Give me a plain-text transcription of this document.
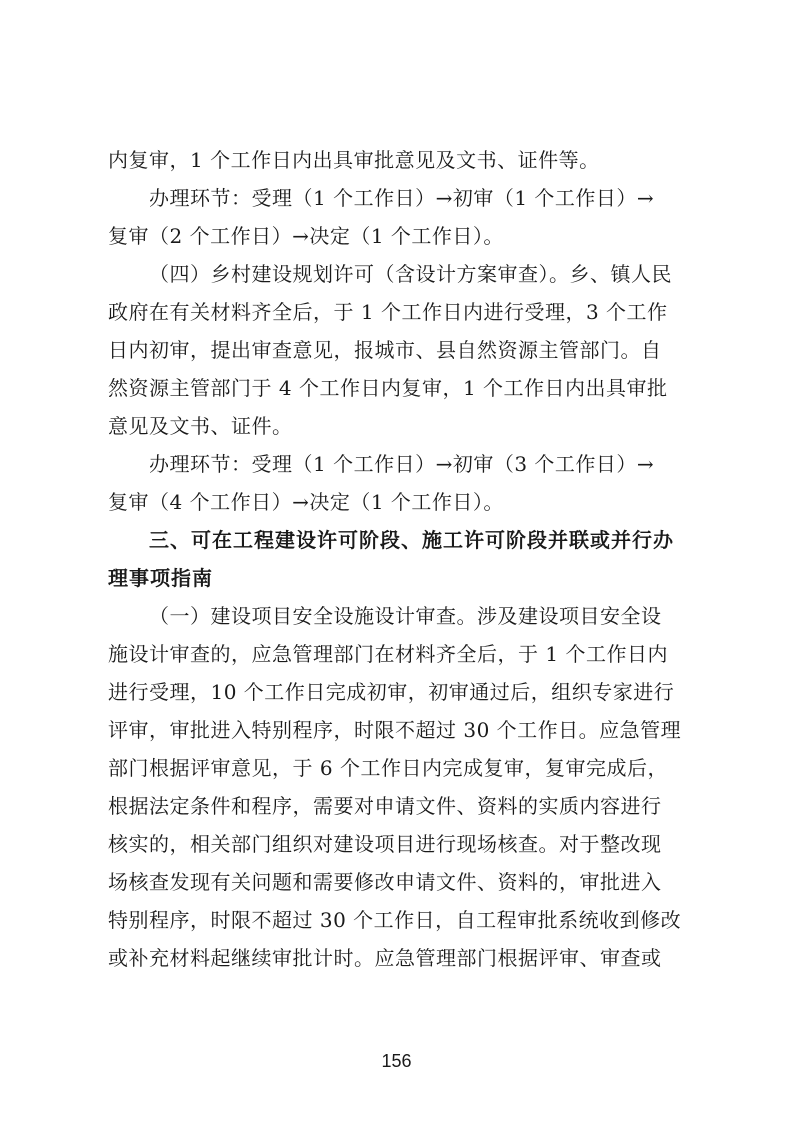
内复审，1 个工作日内出具审批意见及文书、证件等。
办理环节：受理（1 个工作日）→初审（1 个工作日）→
复审（2 个工作日）→决定（1 个工作日）。
（四）乡村建设规划许可（含设计方案审查）。乡、镇人民
政府在有关材料齐全后，于 1 个工作日内进行受理，3 个工作
日内初审，提出审查意见，报城市、县自然资源主管部门。自
然资源主管部门于 4 个工作日内复审，1 个工作日内出具审批
意见及文书、证件。
办理环节：受理（1 个工作日）→初审（3 个工作日）→
复审（4 个工作日）→决定（1 个工作日）。
三、可在工程建设许可阶段、施工许可阶段并联或并行办
理事项指南
（一）建设项目安全设施设计审查。涉及建设项目安全设
施设计审查的，应急管理部门在材料齐全后，于 1 个工作日内
进行受理，10 个工作日完成初审，初审通过后，组织专家进行
评审，审批进入特别程序，时限不超过 30 个工作日。应急管理
部门根据评审意见，于 6 个工作日内完成复审，复审完成后，
根据法定条件和程序，需要对申请文件、资料的实质内容进行
核实的，相关部门组织对建设项目进行现场核查。对于整改现
场核查发现有关问题和需要修改申请文件、资料的，审批进入
特别程序，时限不超过 30 个工作日，自工程审批系统收到修改
或补充材料起继续审批计时。应急管理部门根据评审、审查或
156
